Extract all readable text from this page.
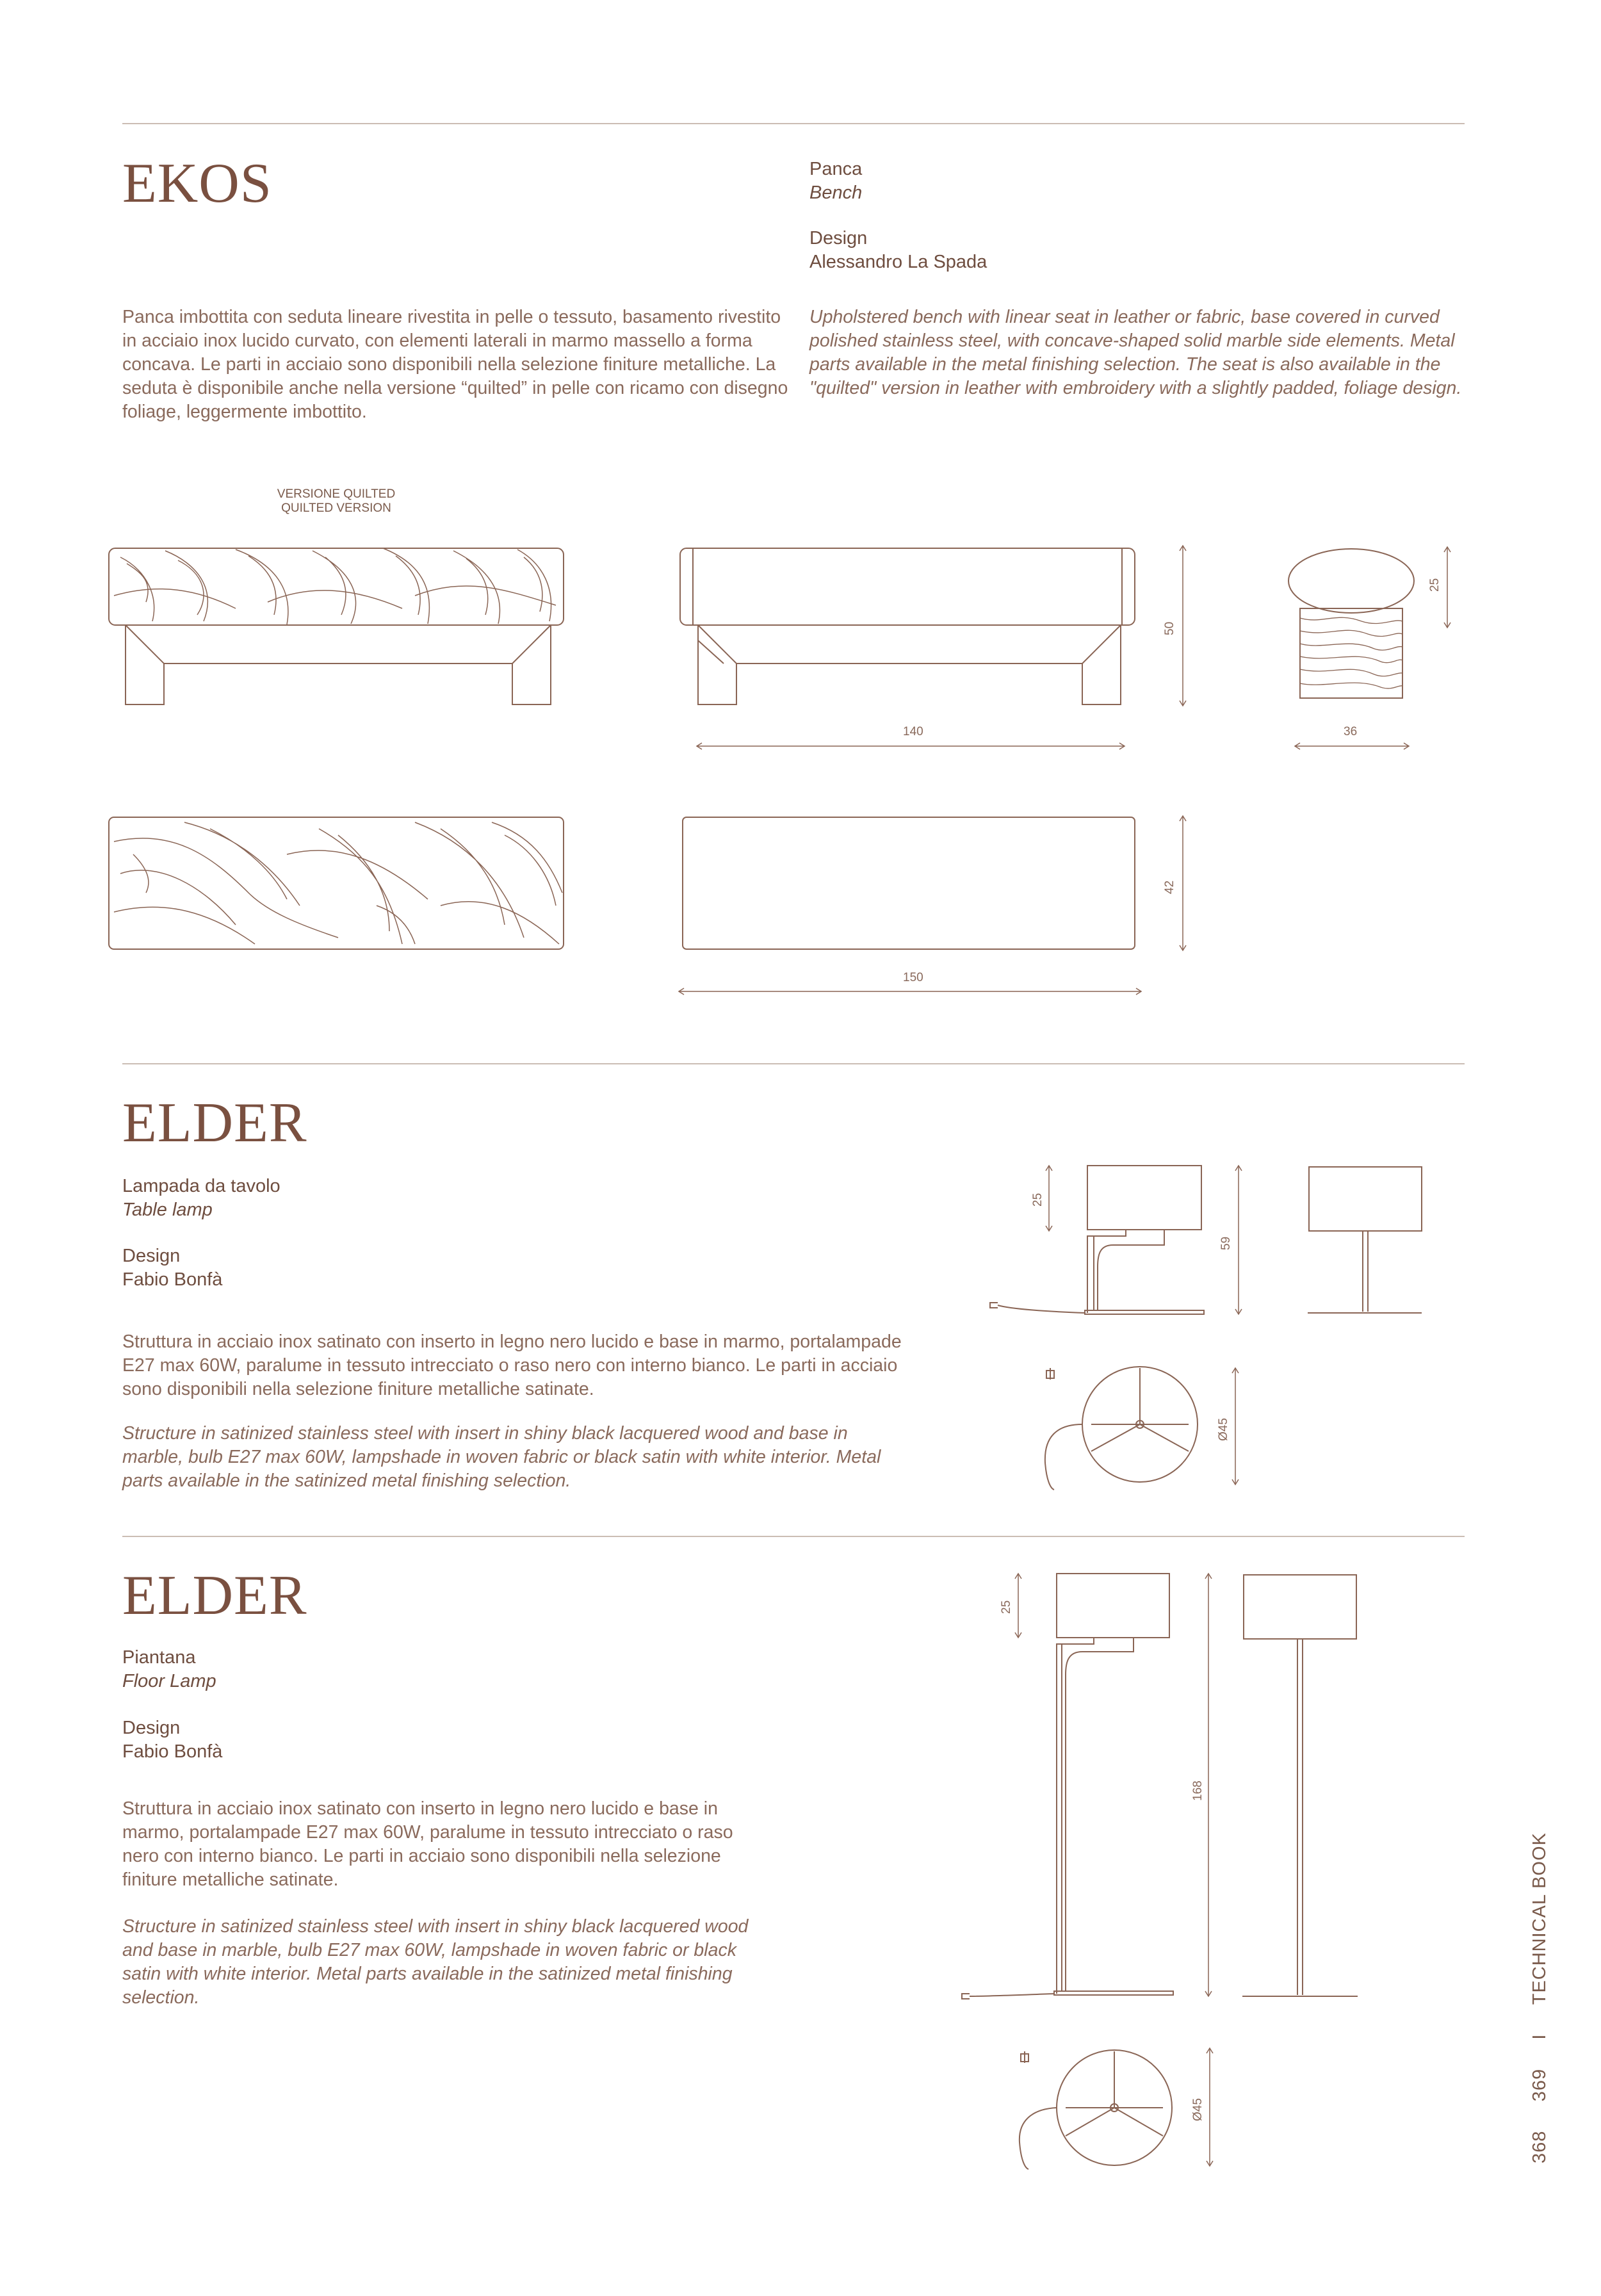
EKOS	Panca
Bench
Design
Alessandro La Spada

Panca imbottita con seduta lineare rivestita in pelle o tessuto, basamento rivestito in acciaio inox lucido curvato, con elementi laterali in marmo massello a forma concava. Le parti in acciaio sono disponibili nella selezione finiture metalliche. La seduta è disponibile anche nella versione “quilted” in pelle con ricamo con disegno foliage, leggermente imbottito.

Upholstered bench with linear seat in leather or fabric, base covered in curved polished stainless steel, with concave-shaped solid marble side elements. Metal parts available in the metal finishing selection. The seat is also available in the "quilted" version in leather with embroidery with a slightly padded, foliage design.

VERSIONE QUILTED
QUILTED VERSION
50
140
25
36
42
150
ELDER
Lampada da tavolo
Table lamp
Design
Fabio Bonfà

Struttura in acciaio inox satinato con inserto in legno nero lucido e base in marmo, portalampade E27 max 60W, paralume in tessuto intrecciato o raso nero con interno bianco. Le parti in acciaio sono disponibili nella selezione finiture metalliche satinate.

Structure in satinized stainless steel with insert in shiny black lacquered wood and base in marble, bulb E27 max 60W, lampshade in woven fabric or black satin with white interior. Metal parts available in the satinized metal finishing selection.

25
59
Ø45
ELDER
Piantana
Floor Lamp
Design
Fabio Bonfà

Struttura in acciaio inox satinato con inserto in legno nero lucido e base in marmo, portalampade E27 max 60W, paralume in tessuto intrecciato o raso nero con interno bianco. Le parti in acciaio sono disponibili nella selezione finiture metalliche satinate.

Structure in satinized stainless steel with insert in shiny black lacquered wood and base in marble, bulb E27 max 60W, lampshade in woven fabric or black satin with white interior. Metal parts available in the satinized metal finishing selection.

25
168
Ø45
368     369     I     TECHNICAL BOOK
